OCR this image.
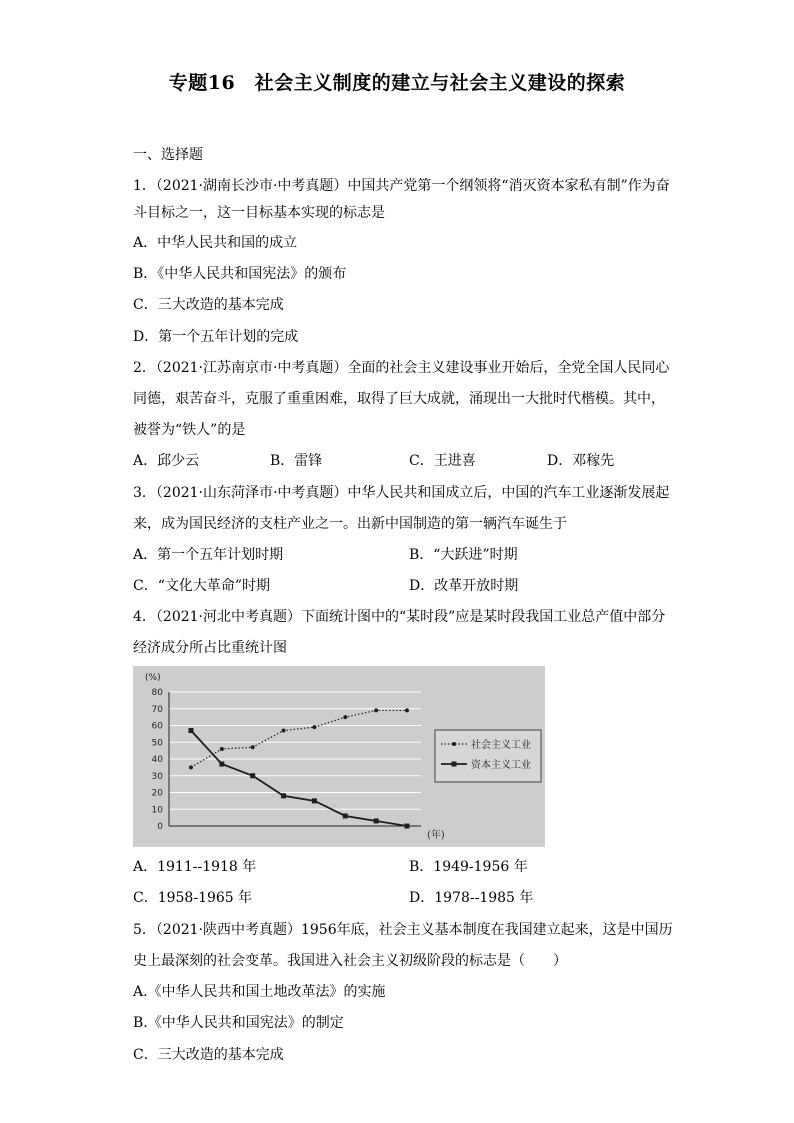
专题16　社会主义制度的建立与社会主义建设的探索
一、选择题
1．（2021·湖南长沙市·中考真题）中国共产党第一个纲领将“消灭资本家私有制”作为奋
斗目标之一，这一目标基本实现的标志是
A．中华人民共和国的成立
B．《中华人民共和国宪法》的颁布
C．三大改造的基本完成
D．第一个五年计划的完成
2．（2021·江苏南京市·中考真题）全面的社会主义建设事业开始后，全党全国人民同心
同德，艰苦奋斗，克服了重重困难，取得了巨大成就，涌现出一大批时代楷模。其中，
被誉为“铁人”的是
A．邱少云	B．雷锋	C．王进喜	D．邓稼先
3．（2021·山东菏泽市·中考真题）中华人民共和国成立后，中国的汽车工业逐渐发展起
来，成为国民经济的支柱产业之一。出新中国制造的第一辆汽车诞生于
A．第一个五年计划时期	B．“大跃进”时期
C．“文化大革命”时期	D．改革开放时期
4．（2021·河北中考真题）下面统计图中的“某时段”应是某时段我国工业总产值中部分
经济成分所占比重统计图
(%)
80
70
60
50
40
30
20
10
0
(年)
社会主义工业
资本主义工业
A．1911--1918 年	B．1949-1956 年
C．1958-1965 年	D．1978--1985 年
5．（2021·陕西中考真题）1956年底，社会主义基本制度在我国建立起来，这是中国历
史上最深刻的社会变革。我国进入社会主义初级阶段的标志是（　　）
A.《中华人民共和国土地改革法》的实施
B.《中华人民共和国宪法》的制定
C．三大改造的基本完成
